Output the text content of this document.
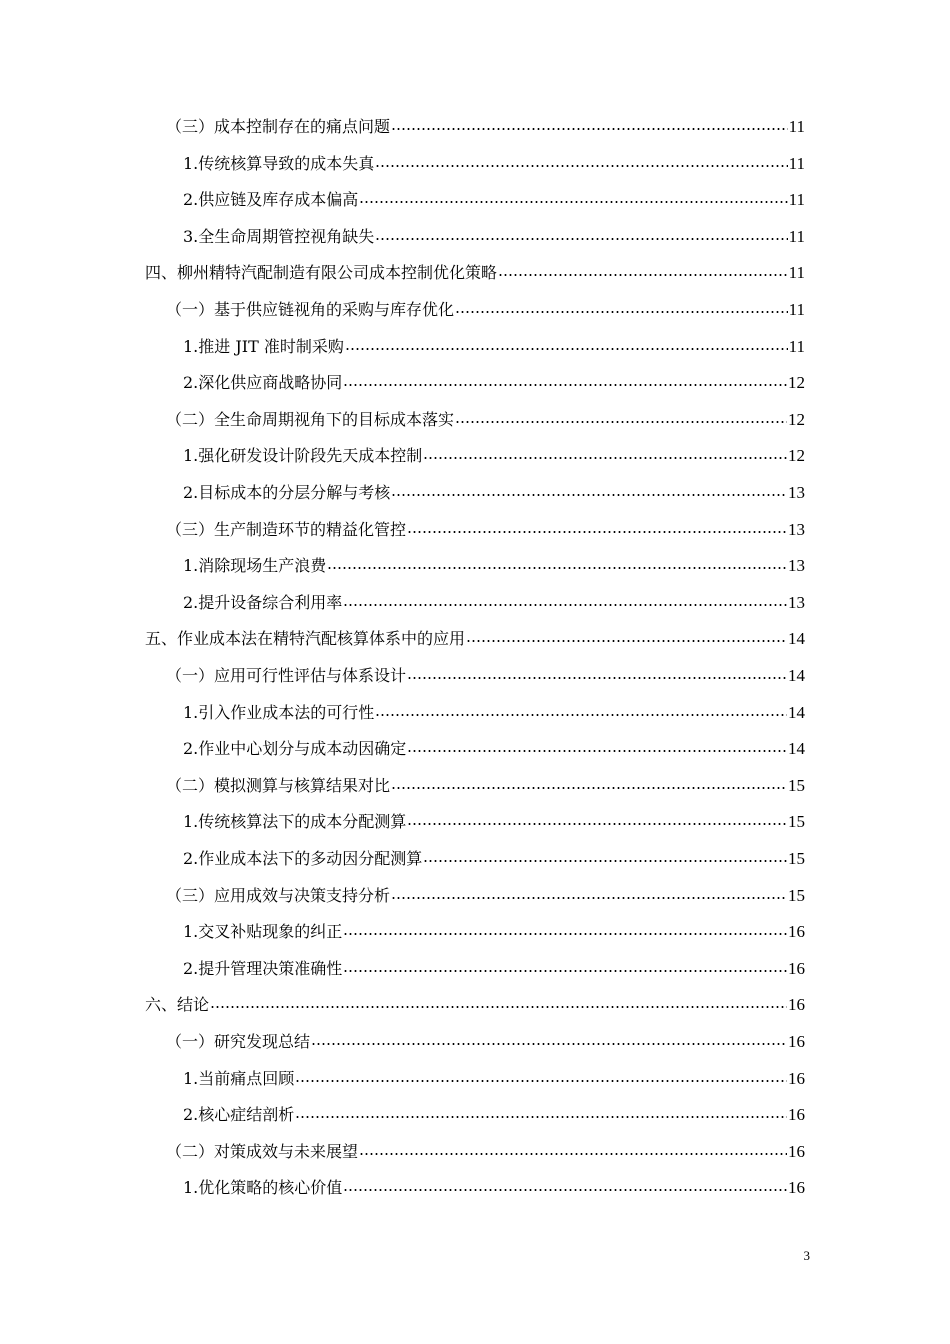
（三）成本控制存在的痛点问题	11
1.传统核算导致的成本失真	11
2.供应链及库存成本偏高	11
3.全生命周期管控视角缺失	11
四、柳州精特汽配制造有限公司成本控制优化策略	11
（一）基于供应链视角的采购与库存优化	11
1.推进 JIT 准时制采购	11
2.深化供应商战略协同	12
（二）全生命周期视角下的目标成本落实	12
1.强化研发设计阶段先天成本控制	12
2.目标成本的分层分解与考核	13
（三）生产制造环节的精益化管控	13
1.消除现场生产浪费	13
2.提升设备综合利用率	13
五、作业成本法在精特汽配核算体系中的应用	14
（一）应用可行性评估与体系设计	14
1.引入作业成本法的可行性	14
2.作业中心划分与成本动因确定	14
（二）模拟测算与核算结果对比	15
1.传统核算法下的成本分配测算	15
2.作业成本法下的多动因分配测算	15
（三）应用成效与决策支持分析	15
1.交叉补贴现象的纠正	16
2.提升管理决策准确性	16
六、结论	16
（一）研究发现总结	16
1.当前痛点回顾	16
2.核心症结剖析	16
（二）对策成效与未来展望	16
1.优化策略的核心价值	16
3
